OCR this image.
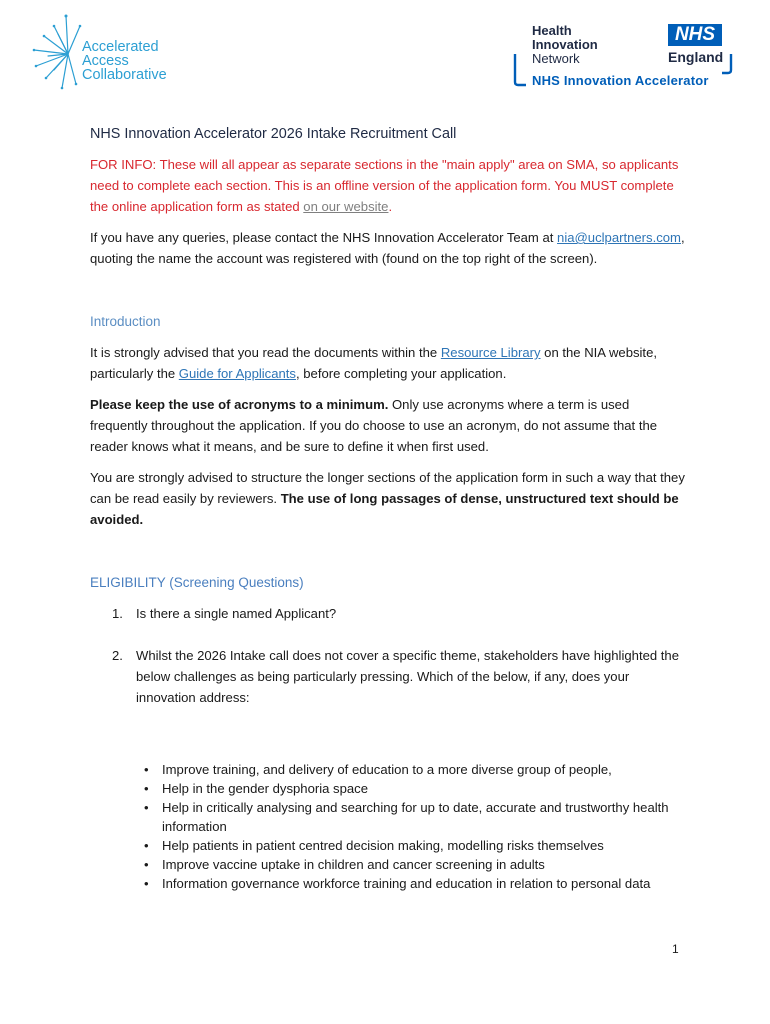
Accelerated
Access
Collaborative
Health
Innovation
Network
NHS
England
NHS Innovation Accelerator
NHS Innovation Accelerator 2026 Intake Recruitment Call

FOR INFO: These will all appear as separate sections in the "main apply" area on SMA, so applicants need to complete each section. This is an offline version of the application form. You MUST complete the online application form as stated on our website.

If you have any queries, please contact the NHS Innovation Accelerator Team at nia@uclpartners.com, quoting the name the account was registered with (found on the top right of the screen).

Introduction

It is strongly advised that you read the documents within the Resource Library on the NIA website, particularly the Guide for Applicants, before completing your application.

Please keep the use of acronyms to a minimum. Only use acronyms where a term is used frequently throughout the application. If you do choose to use an acronym, do not assume that the reader knows what it means, and be sure to define it when first used.

You are strongly advised to structure the longer sections of the application form in such a way that they can be read easily by reviewers. The use of long passages of dense, unstructured text should be avoided.

ELIGIBILITY (Screening Questions)

1. Is there a single named Applicant?
2. Whilst the 2026 Intake call does not cover a specific theme, stakeholders have highlighted the below challenges as being particularly pressing. Which of the below, if any, does your innovation address:
• Improve training, and delivery of education to a more diverse group of people,
• Help in the gender dysphoria space
• Help in critically analysing and searching for up to date, accurate and trustworthy health information
• Help patients in patient centred decision making, modelling risks themselves
• Improve vaccine uptake in children and cancer screening in adults
• Information governance workforce training and education in relation to personal data
1
